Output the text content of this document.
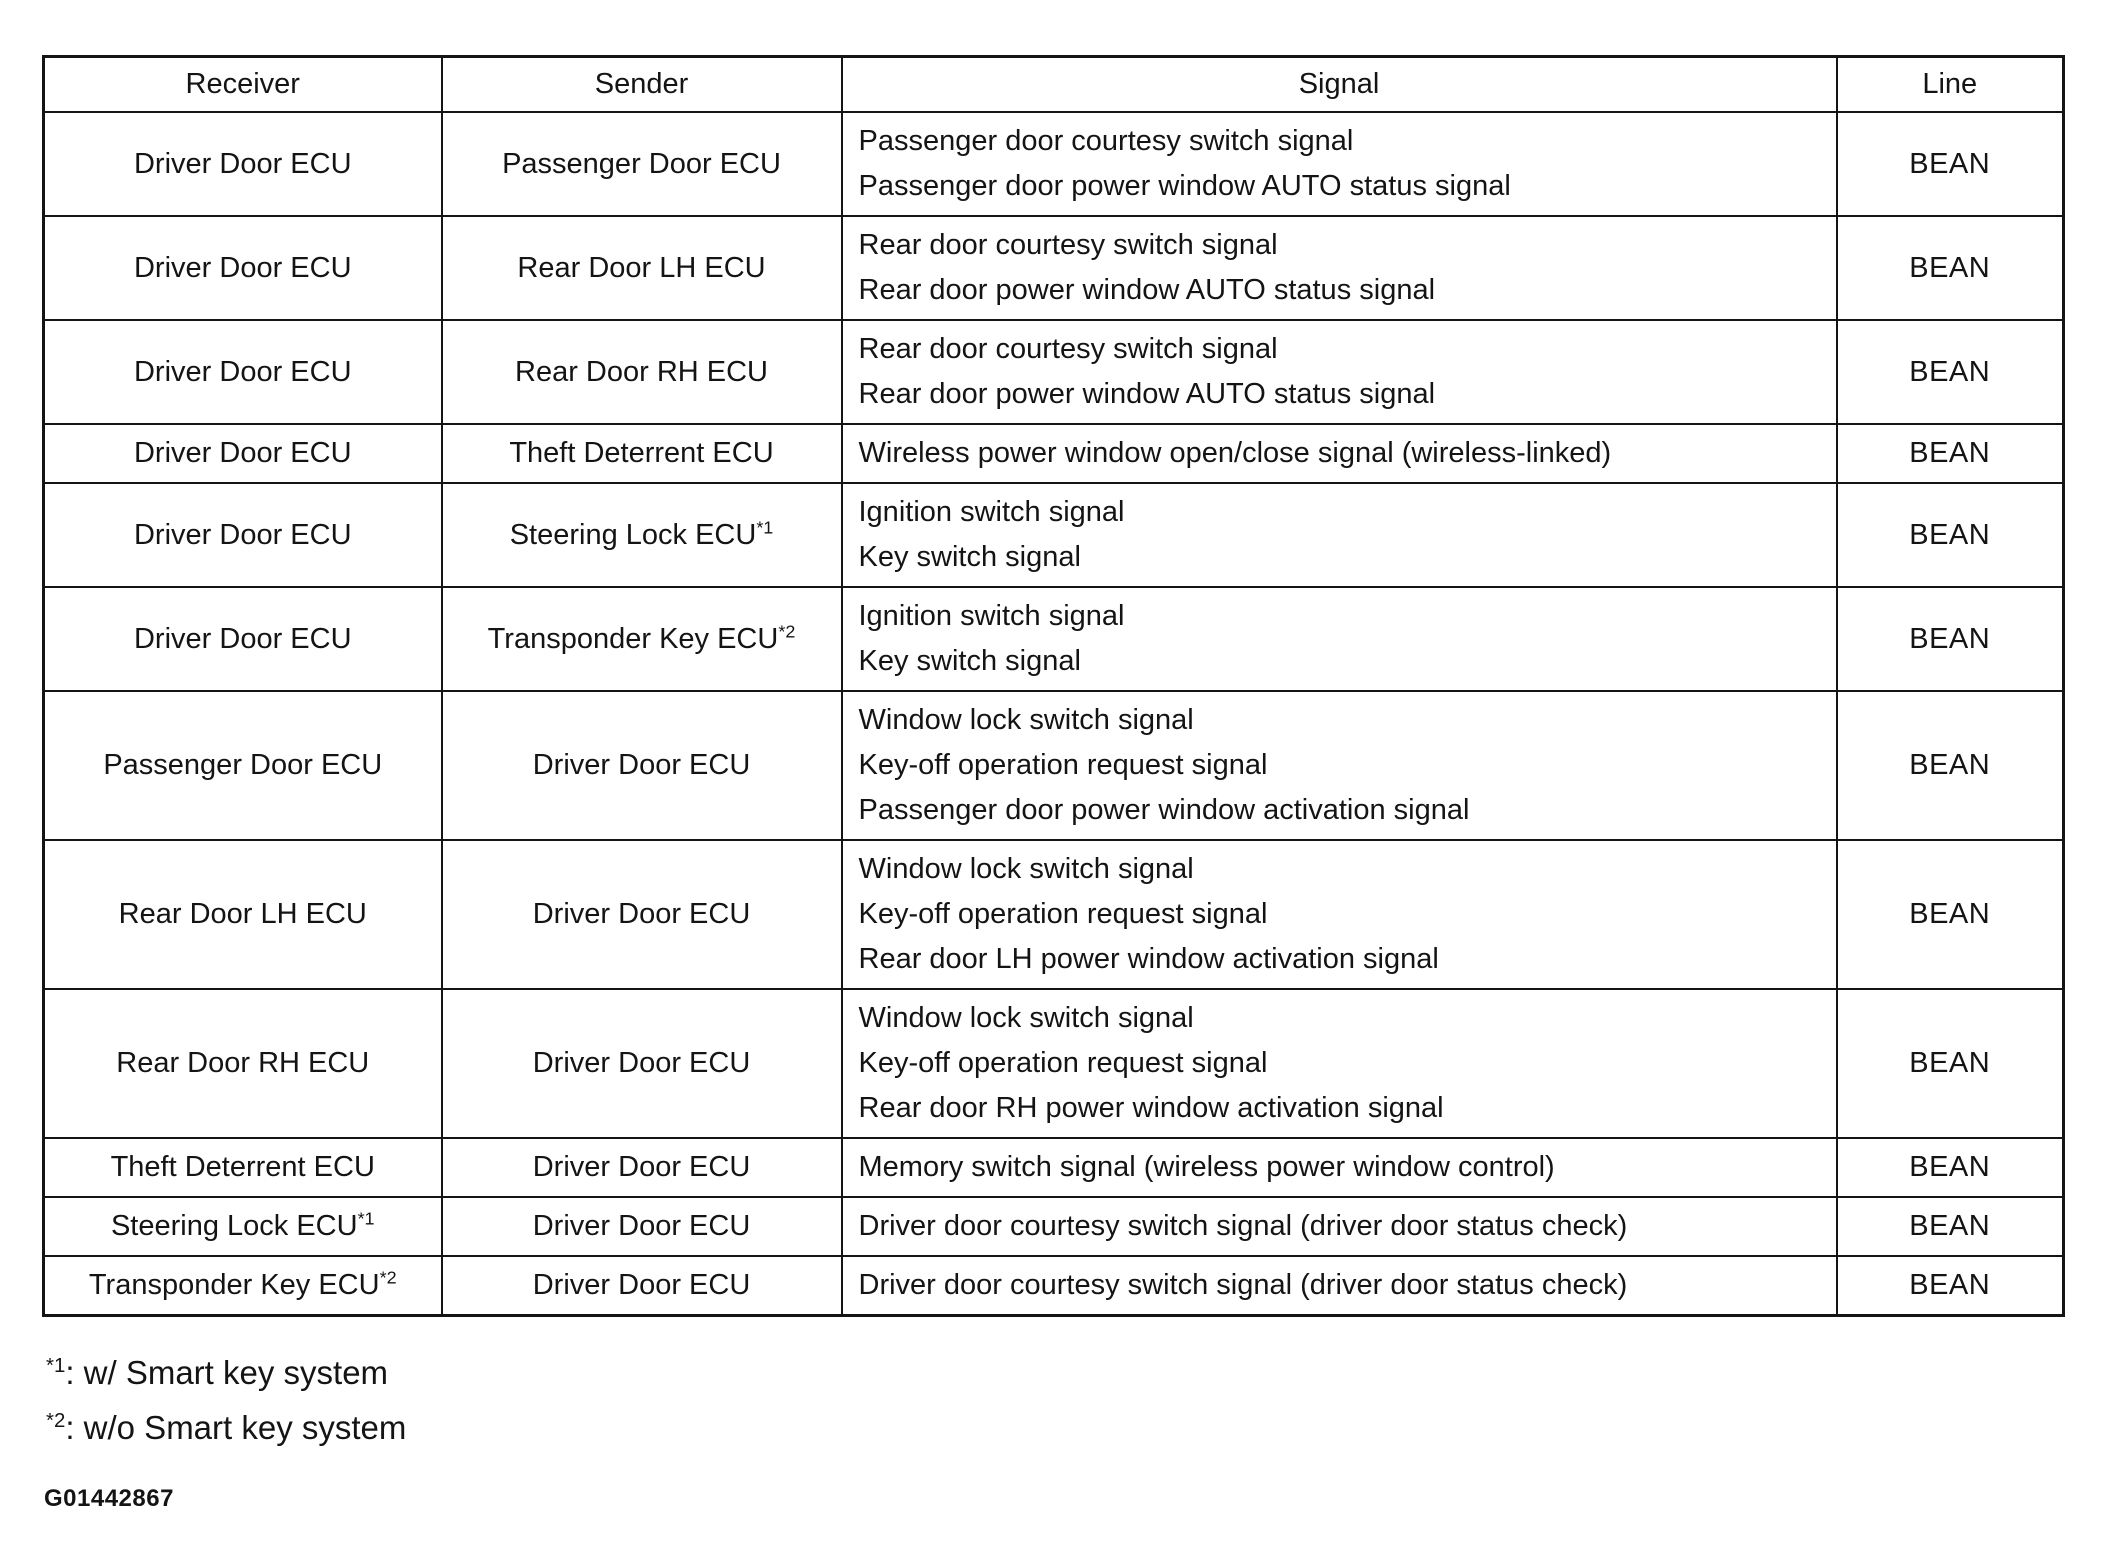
Receiver	Sender	Signal	Line
Driver Door ECU	Passenger Door ECU	Passenger door courtesy switch signal
Passenger door power window AUTO status signal	BEAN
Driver Door ECU	Rear Door LH ECU	Rear door courtesy switch signal
Rear door power window AUTO status signal	BEAN
Driver Door ECU	Rear Door RH ECU	Rear door courtesy switch signal
Rear door power window AUTO status signal	BEAN
Driver Door ECU	Theft Deterrent ECU	Wireless power window open/close signal (wireless-linked)	BEAN
Driver Door ECU	Steering Lock ECU$^{*1}$	Ignition switch signal
Key switch signal	BEAN
Driver Door ECU	Transponder Key ECU$^{*2}$	Ignition switch signal
Key switch signal	BEAN
Passenger Door ECU	Driver Door ECU	Window lock switch signal
Key-off operation request signal
Passenger door power window activation signal	BEAN
Rear Door LH ECU	Driver Door ECU	Window lock switch signal
Key-off operation request signal
Rear door LH power window activation signal	BEAN
Rear Door RH ECU	Driver Door ECU	Window lock switch signal
Key-off operation request signal
Rear door RH power window activation signal	BEAN
Theft Deterrent ECU	Driver Door ECU	Memory switch signal (wireless power window control)	BEAN
Steering Lock ECU$^{*1}$	Driver Door ECU	Driver door courtesy switch signal (driver door status check)	BEAN
Transponder Key ECU$^{*2}$	Driver Door ECU	Driver door courtesy switch signal (driver door status check)	BEAN
$^{*1}$: w/ Smart key system
$^{*2}$: w/o Smart key system
G01442867
